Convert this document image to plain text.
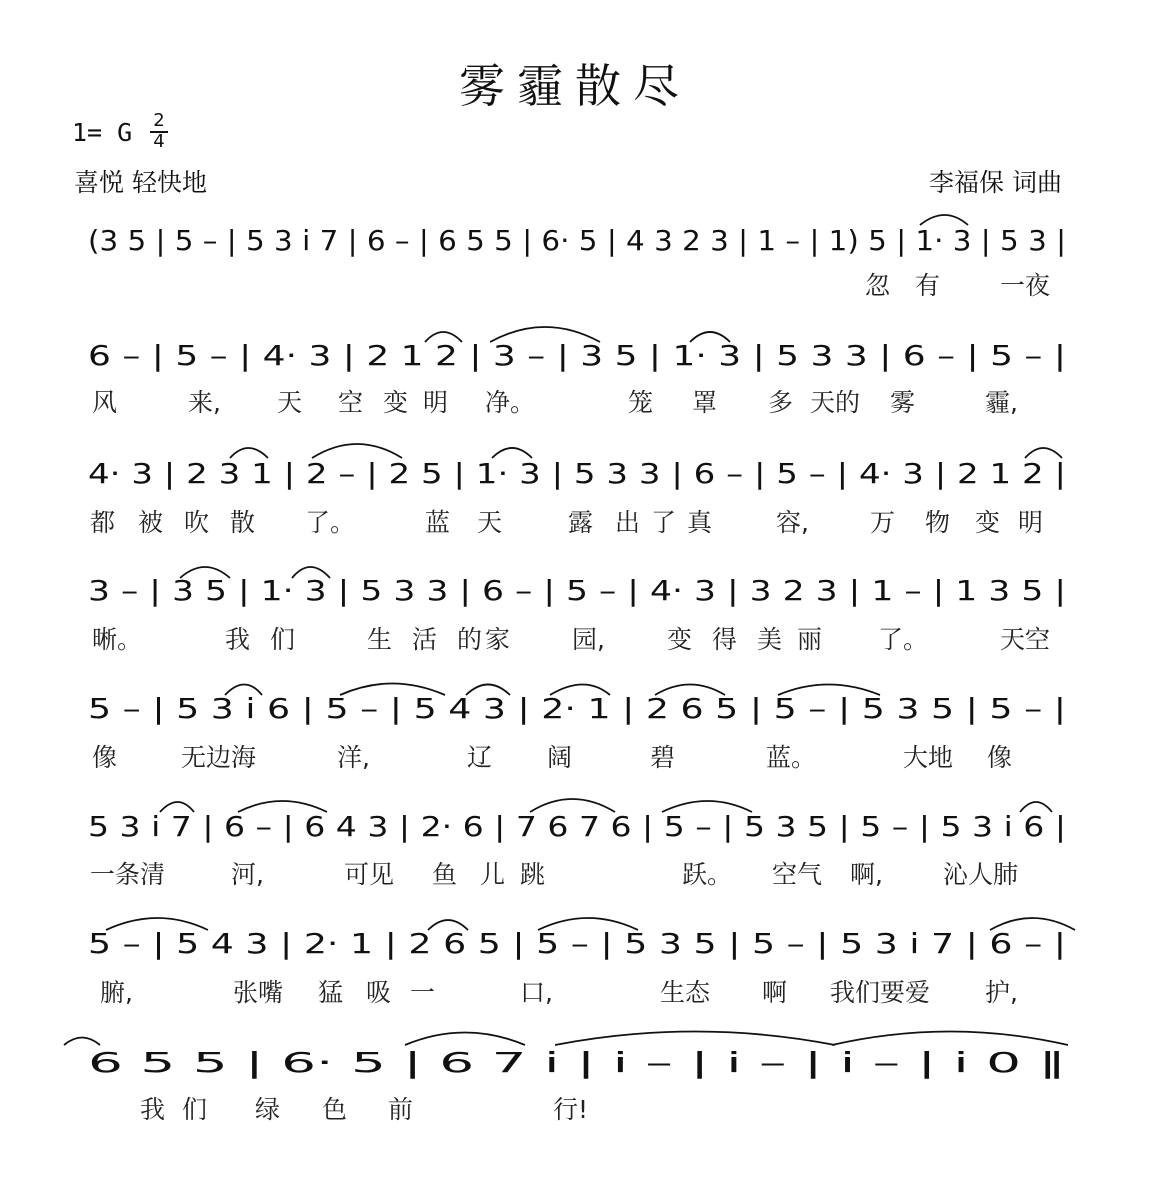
雾霾散尽
1= G 2
4
喜悦 轻快地	李福保 词曲
(3 5 | 5 – | 5 3 i 7 | 6 – | 6 5 5 | 6· 5 | 4 3 2 3 | 1 – | 1) 5 | 1· 3 | 5 3 |
忽 有 一夜
6 – | 5 – | 4· 3 | 2 1 2 | 3 – | 3 5 | 1· 3 | 5 3 3 | 6 – | 5 – |
风	来, 天 空 变 明 净。	笼 罩 多 天的 雾	霾,
4· 3 | 2 3 1 | 2 – | 2 5 | 1· 3 | 5 3 3 | 6 – | 5 – | 4· 3 | 2 1 2 |
都 被 吹 散 了。	蓝 天	露 出 了 真	容, 万 物 变 明
3 – | 3 5 | 1· 3 | 5 3 3 | 6 – | 5 – | 4· 3 | 3 2 3 | 1 – | 1 3 5 |
晰。	我 们	生 活 的 家 园, 变 得 美 丽 了。	天空
5 – | 5 3 i 6 | 5 – | 5 4 3 | 2· 1 | 2 6 5 | 5 – | 5 3 5 | 5 – |
像	无边海	洋,	辽 阔	碧	蓝。	大地 像
5 3 i 7 | 6 – | 6 4 3 | 2· 6 | 7 6 7 6 | 5 – | 5 3 5 | 5 – | 5 3 i 6 |
一条清	河,	可见 鱼 儿 跳	跃。 空气 啊, 沁人肺
5 – | 5 4 3 | 2· 1 | 2 6 5 | 5 – | 5 3 5 | 5 – | 5 3 i 7 | 6 – |
腑,	张嘴 猛 吸 一	口,	生态 啊 我们要爱 护,
6 5 5 | 6· 5 | 6 7 i | i – | i – | i – | i 0 ‖
我 们 绿 色 前	行!
